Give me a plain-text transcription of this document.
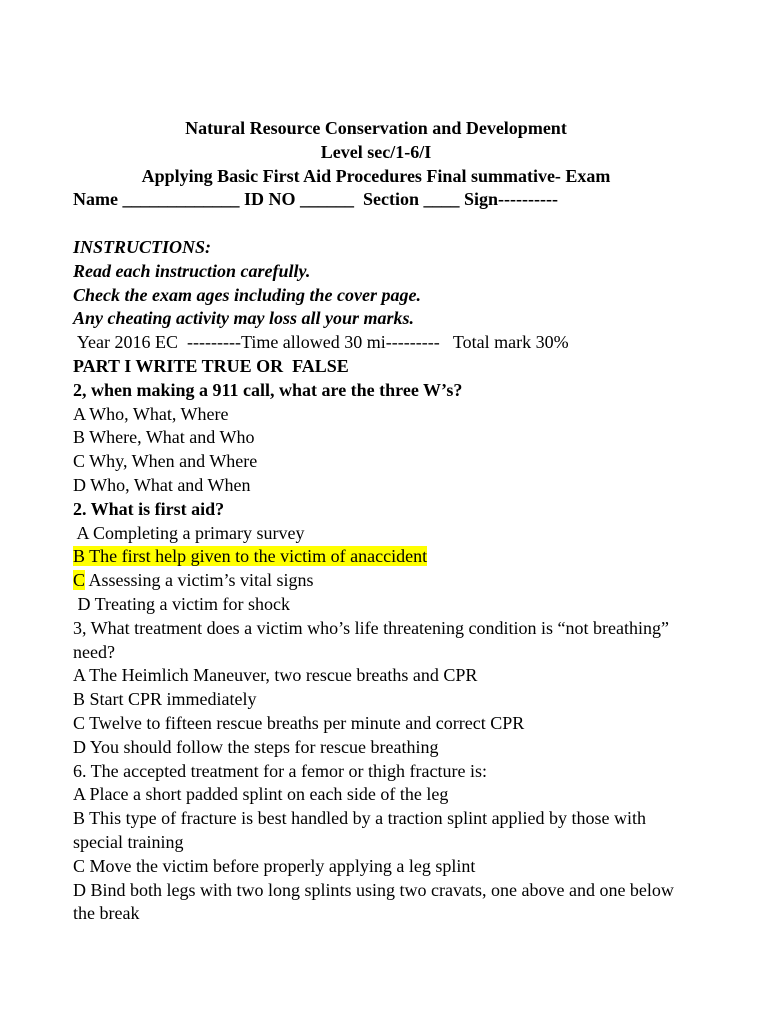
Natural Resource Conservation and Development
Level sec/1-6/I
Applying Basic First Aid Procedures Final summative- Exam
Name _____________ ID NO ______  Section ____ Sign----------
INSTRUCTIONS:
Read each instruction carefully.
Check the exam ages including the cover page.
Any cheating activity may loss all your marks.
Year 2016 EC  ---------Time allowed 30 mi---------   Total mark 30%
PART I WRITE TRUE OR  FALSE
2, when making a 911 call, what are the three W’s?
A Who, What, Where
B Where, What and Who
C Why, When and Where
D Who, What and When
2. What is first aid?
A Completing a primary survey
B The first help given to the victim of anaccident
C Assessing a victim’s vital signs
D Treating a victim for shock
3, What treatment does a victim who’s life threatening condition is “not breathing” need?
A The Heimlich Maneuver, two rescue breaths and CPR
B Start CPR immediately
C Twelve to fifteen rescue breaths per minute and correct CPR
D You should follow the steps for rescue breathing
6. The accepted treatment for a femor or thigh fracture is:
A Place a short padded splint on each side of the leg
B This type of fracture is best handled by a traction splint applied by those with special training
C Move the victim before properly applying a leg splint
D Bind both legs with two long splints using two cravats, one above and one below the break
